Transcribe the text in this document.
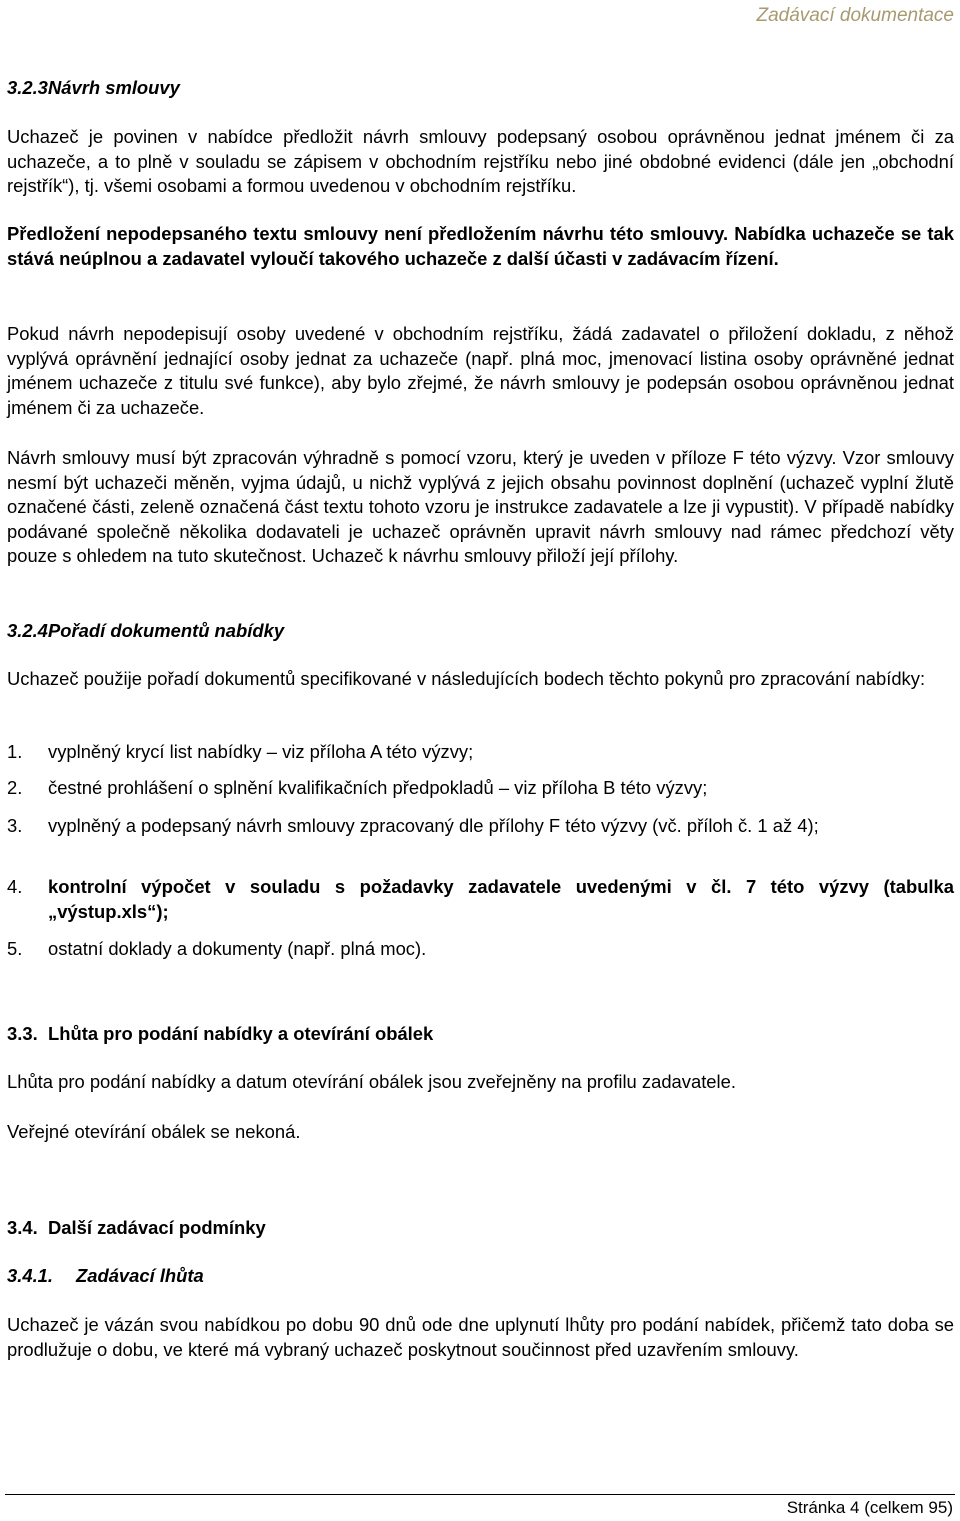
Zadávací dokumentace
3.2.3.Návrh smlouvy

Uchazeč je povinen v nabídce předložit návrh smlouvy podepsaný osobou oprávněnou jednat jménem či za uchazeče, a to plně v souladu se zápisem v obchodním rejstříku nebo jiné obdobné evidenci (dále jen „obchodní rejstřík“), tj. všemi osobami a formou uvedenou v obchodním rejstříku.

Předložení nepodepsaného textu smlouvy není předložením návrhu této smlouvy. Nabídka uchazeče se tak stává neúplnou a zadavatel vyloučí takového uchazeče z další účasti v zadávacím řízení.

Pokud návrh nepodepisují osoby uvedené v obchodním rejstříku, žádá zadavatel o přiložení dokladu, z něhož vyplývá oprávnění jednající osoby jednat za uchazeče (např. plná moc, jmenovací listina osoby oprávněné jednat jménem uchazeče z titulu své funkce), aby bylo zřejmé, že návrh smlouvy je podepsán osobou oprávněnou jednat jménem či za uchazeče.

Návrh smlouvy musí být zpracován výhradně s pomocí vzoru, který je uveden v příloze F této výzvy. Vzor smlouvy nesmí být uchazeči měněn, vyjma údajů, u nichž vyplývá z jejich obsahu povinnost doplnění (uchazeč vyplní žlutě označené části, zeleně označená část textu tohoto vzoru je instrukce zadavatele a lze ji vypustit). V případě nabídky podávané společně několika dodavateli je uchazeč oprávněn upravit návrh smlouvy nad rámec předchozí věty pouze s ohledem na tuto skutečnost. Uchazeč k návrhu smlouvy přiloží její přílohy.

3.2.4.Pořadí dokumentů nabídky

Uchazeč použije pořadí dokumentů specifikované v následujících bodech těchto pokynů pro zpracování nabídky:

1. vyplněný krycí list nabídky – viz příloha A této výzvy;
2. čestné prohlášení o splnění kvalifikačních předpokladů – viz příloha B této výzvy;
3. vyplněný a podepsaný návrh smlouvy zpracovaný dle přílohy F této výzvy (vč. příloh č. 1 až 4);
4. kontrolní výpočet v souladu s požadavky zadavatele uvedenými v čl. 7 této výzvy (tabulka „výstup.xls“);
5. ostatní doklady a dokumenty (např. plná moc).
3.3. Lhůta pro podání nabídky a otevírání obálek

Lhůta pro podání nabídky a datum otevírání obálek jsou zveřejněny na profilu zadavatele.

Veřejné otevírání obálek se nekoná.

3.4. Další zadávací podmínky
3.4.1. Zadávací lhůta

Uchazeč je vázán svou nabídkou po dobu 90 dnů ode dne uplynutí lhůty pro podání nabídek, přičemž tato doba se prodlužuje o dobu, ve které má vybraný uchazeč poskytnout součinnost před uzavřením smlouvy.

Stránka 4 (celkem 95)
